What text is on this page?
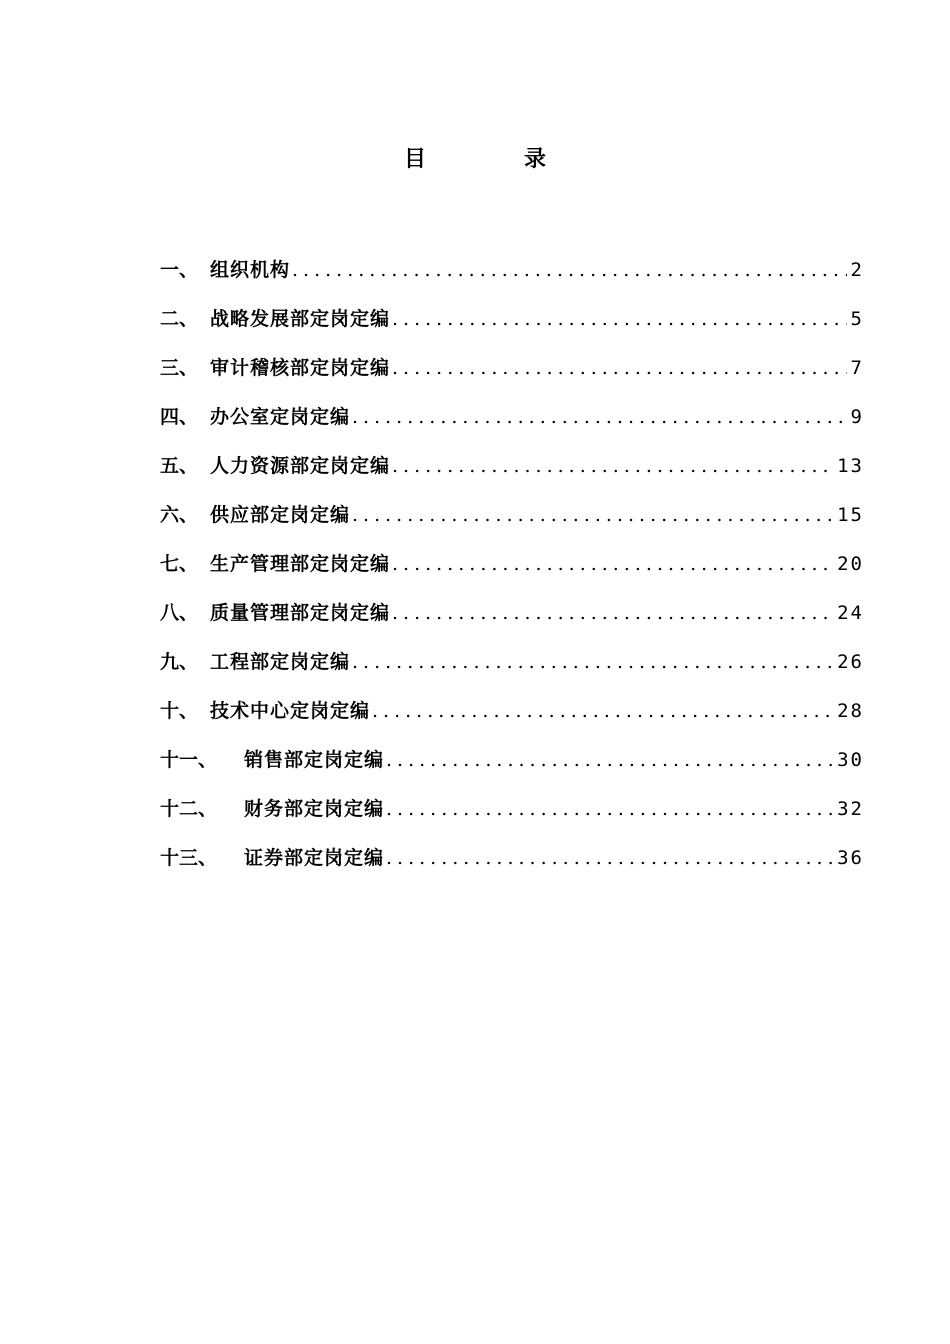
目　录
一、 组织机构 .....	2
二、 战略发展部定岗定编 .....	5
三、 审计稽核部定岗定编 .....	7
四、 办公室定岗定编 .....	9
五、 人力资源部定岗定编 .....	13
六、 供应部定岗定编 .....	15
七、 生产管理部定岗定编 .....	20
八、 质量管理部定岗定编 .....	24
九、 工程部定岗定编 .....	26
十、 技术中心定岗定编 .....	28
十一、	销售部定岗定编 .....	30
十二、	财务部定岗定编 .....	32
十三、	证券部定岗定编 .....	36
